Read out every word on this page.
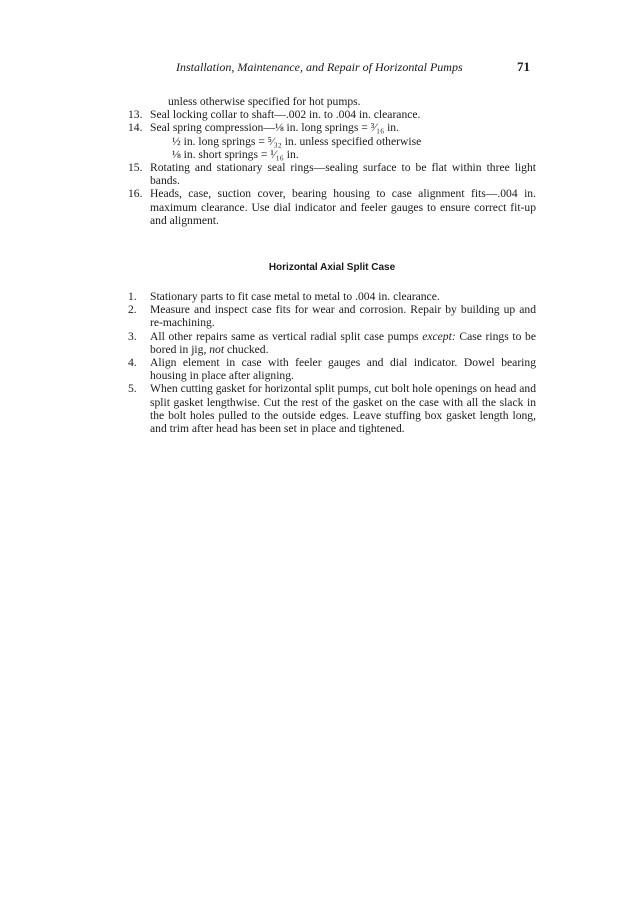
Installation, Maintenance, and Repair of Horizontal Pumps	71
unless otherwise specified for hot pumps.
13. Seal locking collar to shaft—.002 in. to .004 in. clearance.
14. Seal spring compression—⅛ in. long springs = ³⁄₁₆ in.
½ in. long springs = ⁵⁄₃₂ in. unless specified otherwise
⅛ in. short springs = ¹⁄₁₆ in.
15. Rotating and stationary seal rings—sealing surface to be flat within three light bands.
16. Heads, case, suction cover, bearing housing to case alignment fits—.004 in. maximum clearance. Use dial indicator and feeler gauges to ensure correct fit-up and alignment.
Horizontal Axial Split Case
1.	Stationary parts to fit case metal to metal to .004 in. clearance.
2.	Measure and inspect case fits for wear and corrosion. Repair by building up and re-machining.
3.	All other repairs same as vertical radial split case pumps except: Case rings to be bored in jig, not chucked.
4.	Align element in case with feeler gauges and dial indicator. Dowel bearing housing in place after aligning.
5.	When cutting gasket for horizontal split pumps, cut bolt hole openings on head and split gasket lengthwise. Cut the rest of the gasket on the case with all the slack in the bolt holes pulled to the outside edges. Leave stuffing box gasket length long, and trim after head has been set in place and tightened.
